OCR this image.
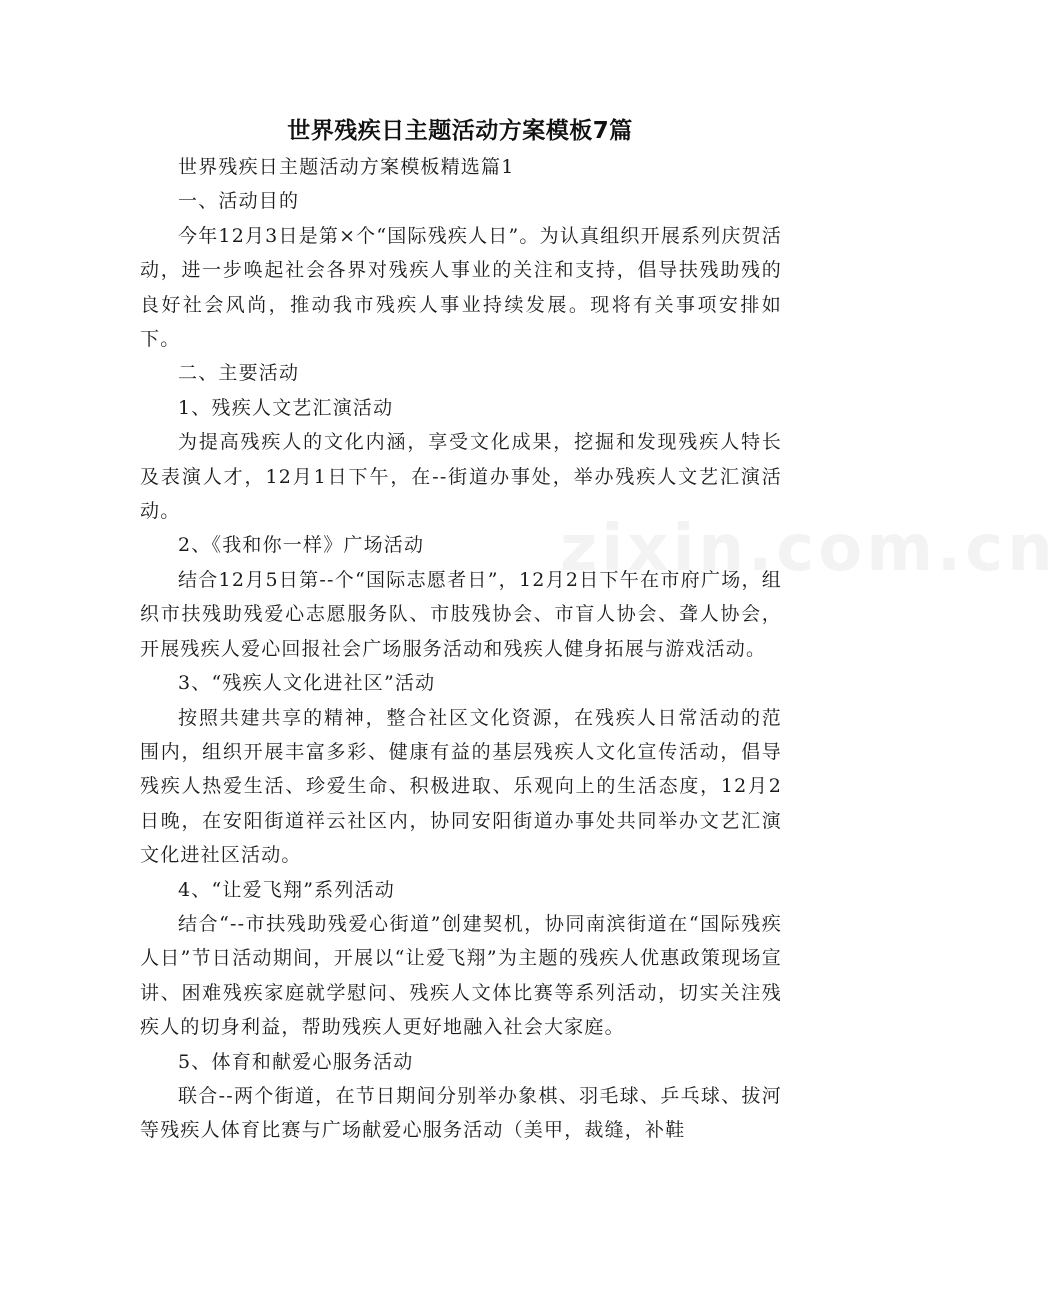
世界残疾日主题活动方案模板7篇

世界残疾日主题活动方案模板精选篇1

一、活动目的

今年12月3日是第×个“国际残疾人日”。为认真组织开展系列庆贺活动，进一步唤起社会各界对残疾人事业的关注和支持，倡导扶残助残的良好社会风尚，推动我市残疾人事业持续发展。现将有关事项安排如下。

二、主要活动

1、残疾人文艺汇演活动

为提高残疾人的文化内涵，享受文化成果，挖掘和发现残疾人特长及表演人才，12月1日下午，在--街道办事处，举办残疾人文艺汇演活动。

2、《我和你一样》广场活动

结合12月5日第--个“国际志愿者日”，12月2日下午在市府广场，组织市扶残助残爱心志愿服务队、市肢残协会、市盲人协会、聋人协会，开展残疾人爱心回报社会广场服务活动和残疾人健身拓展与游戏活动。

3、“残疾人文化进社区”活动

按照共建共享的精神，整合社区文化资源，在残疾人日常活动的范围内，组织开展丰富多彩、健康有益的基层残疾人文化宣传活动，倡导残疾人热爱生活、珍爱生命、积极进取、乐观向上的生活态度，12月2日晚，在安阳街道祥云社区内，协同安阳街道办事处共同举办文艺汇演文化进社区活动。

4、“让爱飞翔”系列活动

结合“--市扶残助残爱心街道”创建契机，协同南滨街道在“国际残疾人日”节日活动期间，开展以“让爱飞翔”为主题的残疾人优惠政策现场宣讲、困难残疾家庭就学慰问、残疾人文体比赛等系列活动，切实关注残疾人的切身利益，帮助残疾人更好地融入社会大家庭。

5、体育和献爱心服务活动

联合--两个街道，在节日期间分别举办象棋、羽毛球、乒乓球、拔河等残疾人体育比赛与广场献爱心服务活动（美甲，裁缝，补鞋

zixin.com.cn
